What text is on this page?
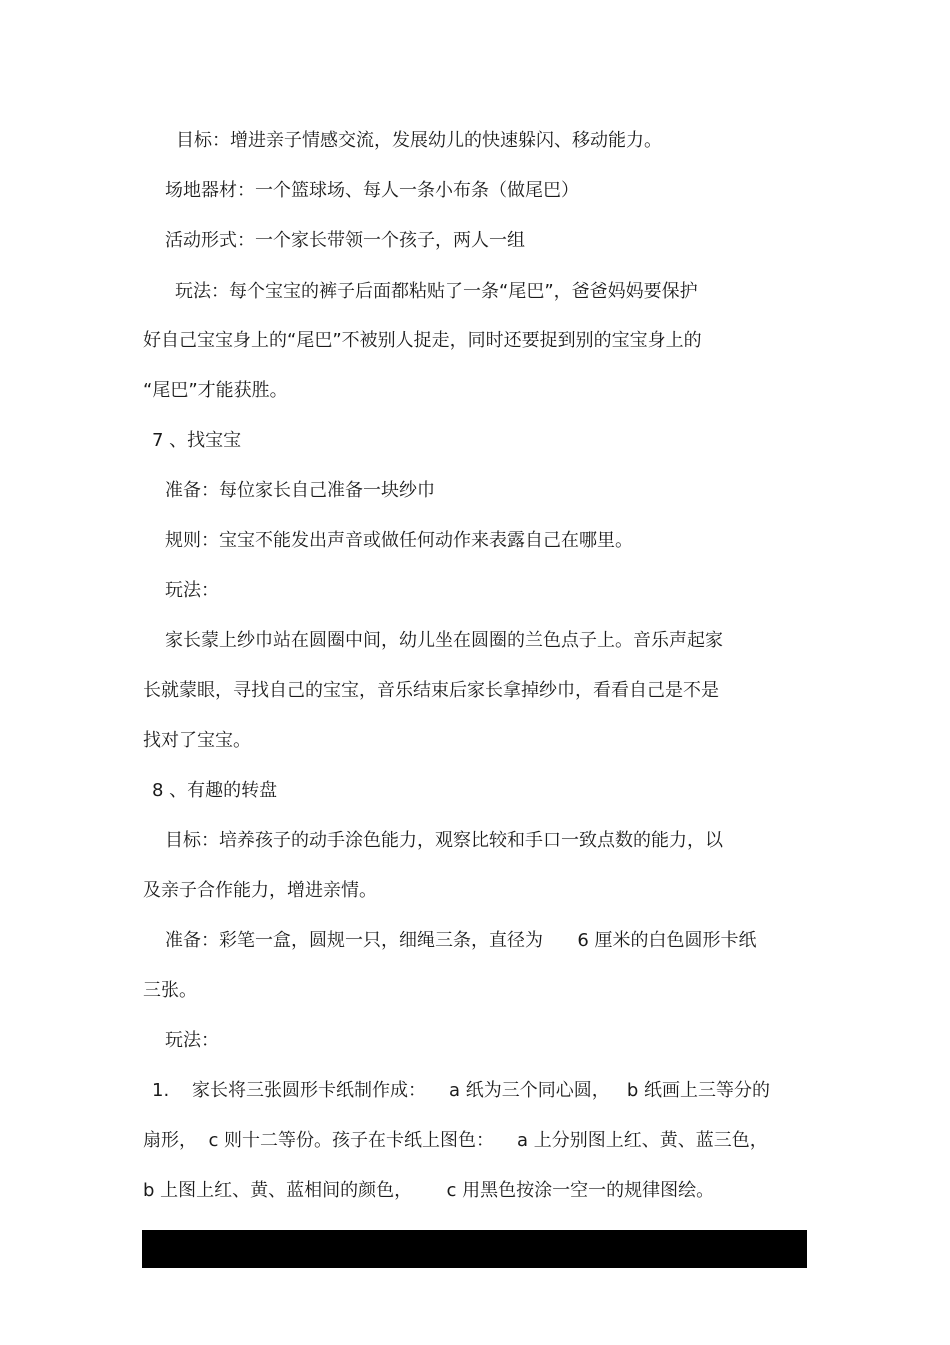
目标：增进亲子情感交流，发展幼儿的快速躲闪、移动能力。
场地器材：一个篮球场、每人一条小布条（做尾巴）
活动形式：一个家长带领一个孩子，两人一组
玩法：每个宝宝的裤子后面都粘贴了一条“尾巴”，爸爸妈妈要保护
好自己宝宝身上的“尾巴”不被别人捉走，同时还要捉到别的宝宝身上的
“尾巴”才能获胜。
7 、找宝宝
准备：每位家长自己准备一块纱巾
规则：宝宝不能发出声音或做任何动作来表露自己在哪里。
玩法：
家长蒙上纱巾站在圆圈中间，幼儿坐在圆圈的兰色点子上。音乐声起家
长就蒙眼，寻找自己的宝宝，音乐结束后家长拿掉纱巾，看看自己是不是
找对了宝宝。
8 、有趣的转盘
目标：培养孩子的动手涂色能力，观察比较和手口一致点数的能力，以
及亲子合作能力，增进亲情。
准备：彩笔一盒，圆规一只，细绳三条，直径为      6 厘米的白色圆形卡纸
三张。
玩法：
1.    家长将三张圆形卡纸制作成：    a 纸为三个同心圆，   b 纸画上三等分的
扇形，  c 则十二等份。孩子在卡纸上图色：    a 上分别图上红、黄、蓝三色，
b 上图上红、黄、蓝相间的颜色，      c 用黑色按涂一空一的规律图绘。
